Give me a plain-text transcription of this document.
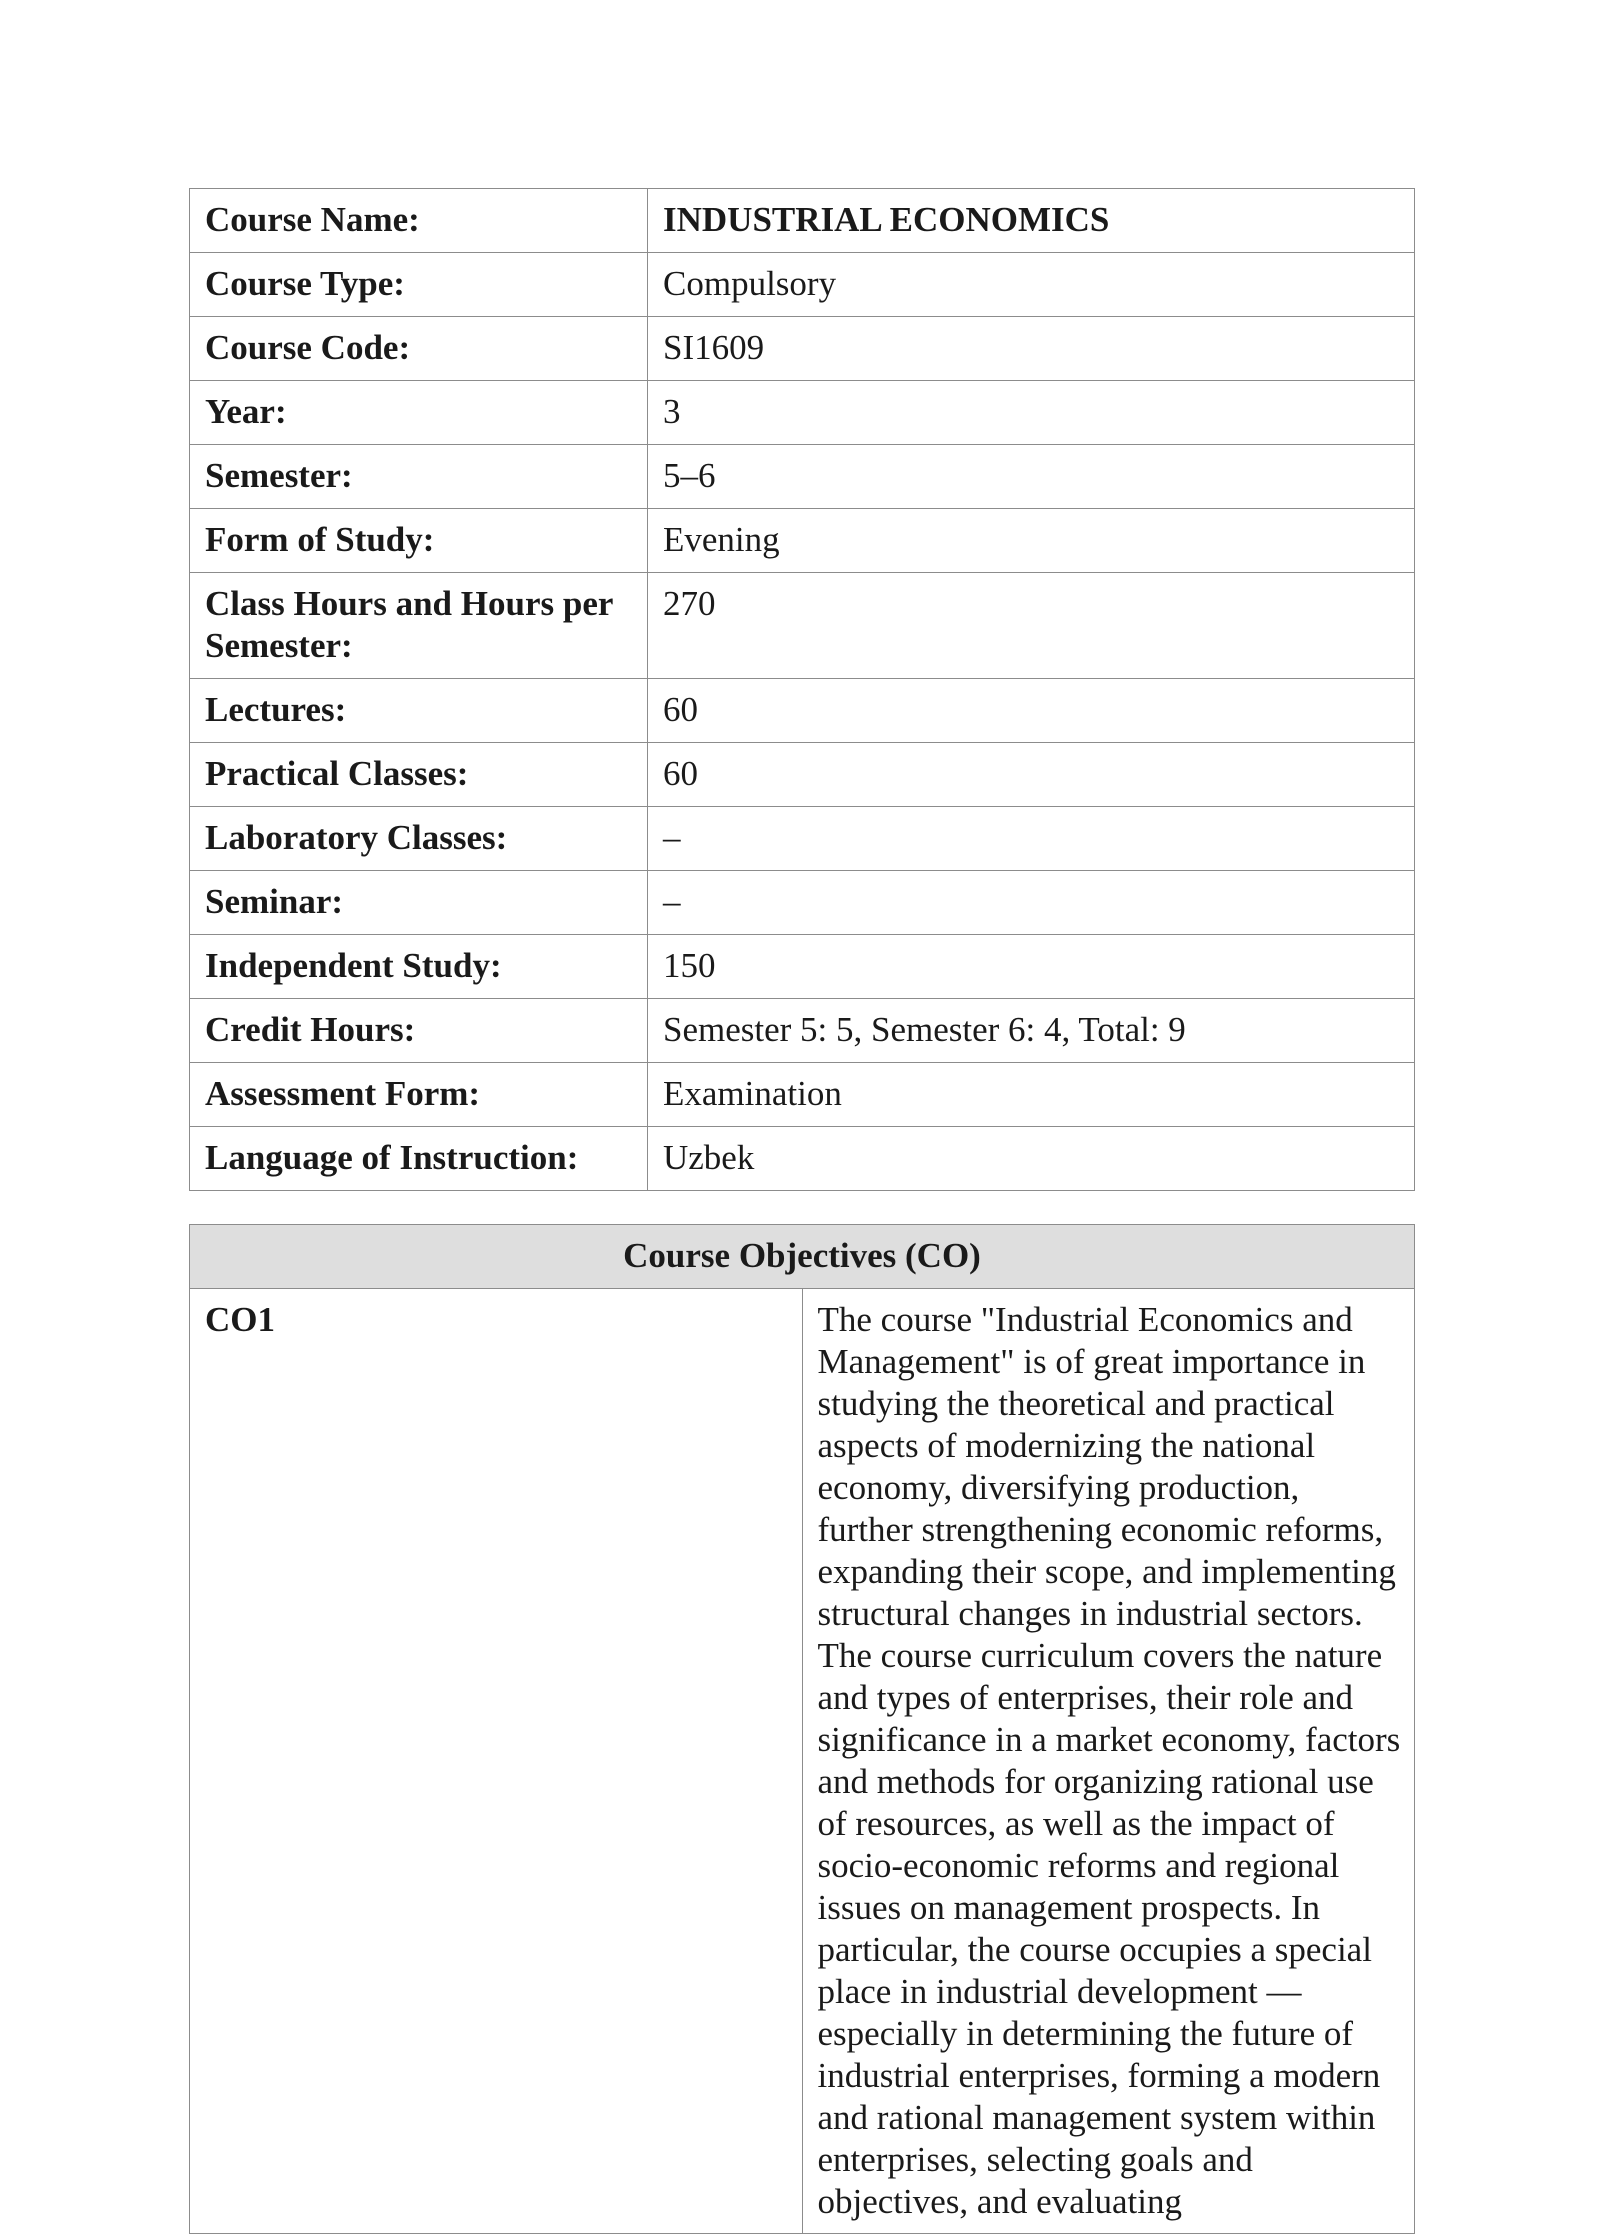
Course Name:	INDUSTRIAL ECONOMICS
Course Type:	Compulsory
Course Code:	SI1609
Year:	3
Semester:	5–6
Form of Study:	Evening
Class Hours and Hours per Semester:	270
Lectures:	60
Practical Classes:	60
Laboratory Classes:	–
Seminar:	–
Independent Study:	150
Credit Hours:	Semester 5: 5, Semester 6: 4, Total: 9
Assessment Form:	Examination
Language of Instruction:	Uzbek
Course Objectives (CO)
CO1	The course "Industrial Economics and Management" is of great importance in studying the theoretical and practical aspects of modernizing the national economy, diversifying production, further strengthening economic reforms, expanding their scope, and implementing structural changes in industrial sectors. The course curriculum covers the nature and types of enterprises, their role and significance in a market economy, factors and methods for organizing rational use of resources, as well as the impact of socio-economic reforms and regional issues on management prospects. In particular, the course occupies a special place in industrial development — especially in determining the future of industrial enterprises, forming a modern and rational management system within enterprises, selecting goals and objectives, and evaluating
